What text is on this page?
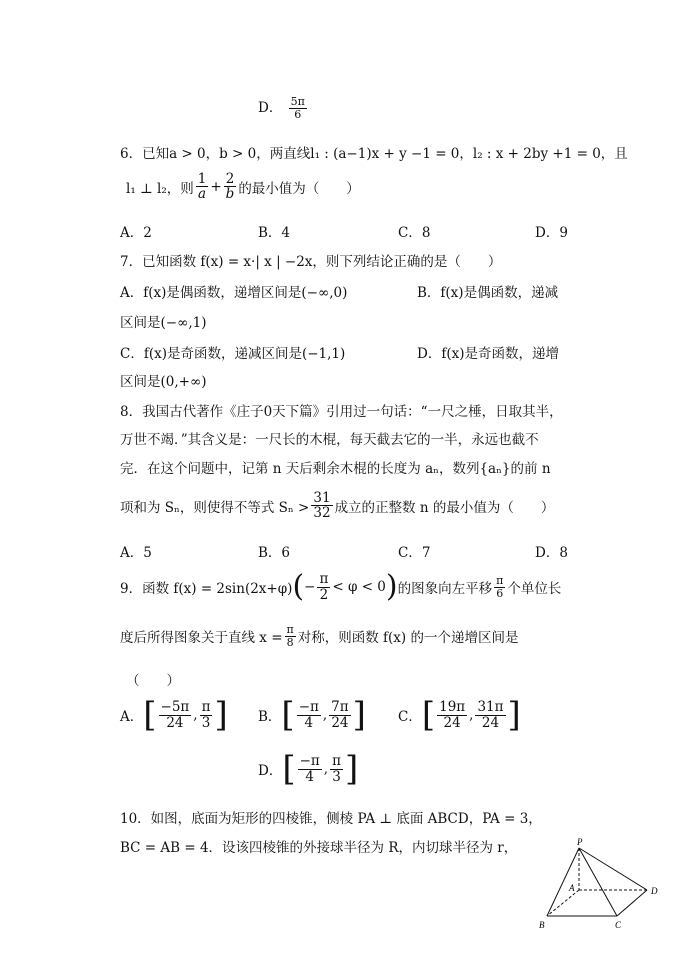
D． $\frac{5\pi}{6}$
6．已知a > 0，b > 0，两直线l₁ : (a−1)x + y −1 = 0，l₂ : x + 2by +1 = 0，且
l₁ ⊥ l₂，则 $\frac{1}{a} + \frac{2}{b}$ 的最小值为（　　）
A．2	B．4	C．8	D．9
7．已知函数 f(x) = x·| x | −2x，则下列结论正确的是（　　）
A．f(x)是偶函数，递增区间是(−∞,0)	B．f(x)是偶函数，递减
区间是(−∞,1)
C．f(x)是奇函数，递减区间是(−1,1)	D．f(x)是奇函数，递增
区间是(0,+∞)
8．我国古代著作《庄子0天下篇》引用过一句话：“一尺之棰，日取其半，
万世不竭．”其含义是：一尺长的木棍，每天截去它的一半，永远也截不
完．在这个问题中，记第 n 天后剩余木棍的长度为 aₙ，数列{aₙ}的前 n
项和为 Sₙ，则使得不等式 $S_n > \frac{31}{32}$ 成立的正整数 n 的最小值为（　　）
A．5	B．6	C．7	D．8
9．函数 f(x) = 2sin(2x+φ) ( − $\frac{\pi}{2} < \varphi < 0$ ) 的图象向左平移 $\frac{\pi}{6}$ 个单位长
度后所得图象关于直线 $x = \frac{\pi}{8}$ 对称，则函数 f(x) 的一个递增区间是
（　　）
A． [ $\frac{-5\pi}{24}$ , $\frac{\pi}{3}$ ] B． [ $\frac{-\pi}{4}$ , $\frac{7\pi}{24}$ ] C． [ $\frac{19\pi}{24}$ , $\frac{31\pi}{24}$ ]
D． [ $\frac{-\pi}{4}$ , $\frac{\pi}{3}$ ]
10．如图，底面为矩形的四棱锥，侧棱 PA ⊥ 底面 ABCD，PA = 3，
BC = AB = 4．设该四棱锥的外接球半径为 R，内切球半径为 r，	P
A
B	C
D
